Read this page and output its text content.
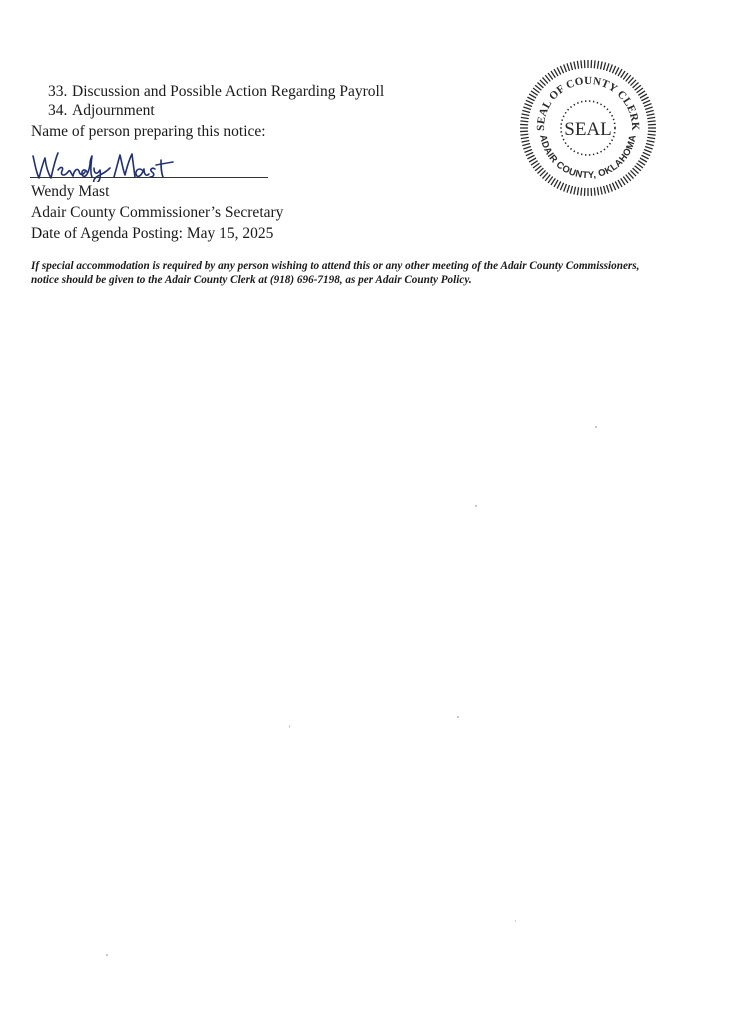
33. Discussion and Possible Action Regarding Payroll
34. Adjournment
Name of person preparing this notice:
Wendy Mast
Adair County Commissioner’s Secretary
Date of Agenda Posting: May 15, 2025
If special accommodation is required by any person wishing to attend this or any other meeting of the Adair County Commissioners, notice should be given to the Adair County Clerk at (918) 696-7198, as per Adair County Policy.
SEAL OF COUNTY CLERK
ADAIR COUNTY, OKLAHOMA
SEAL
